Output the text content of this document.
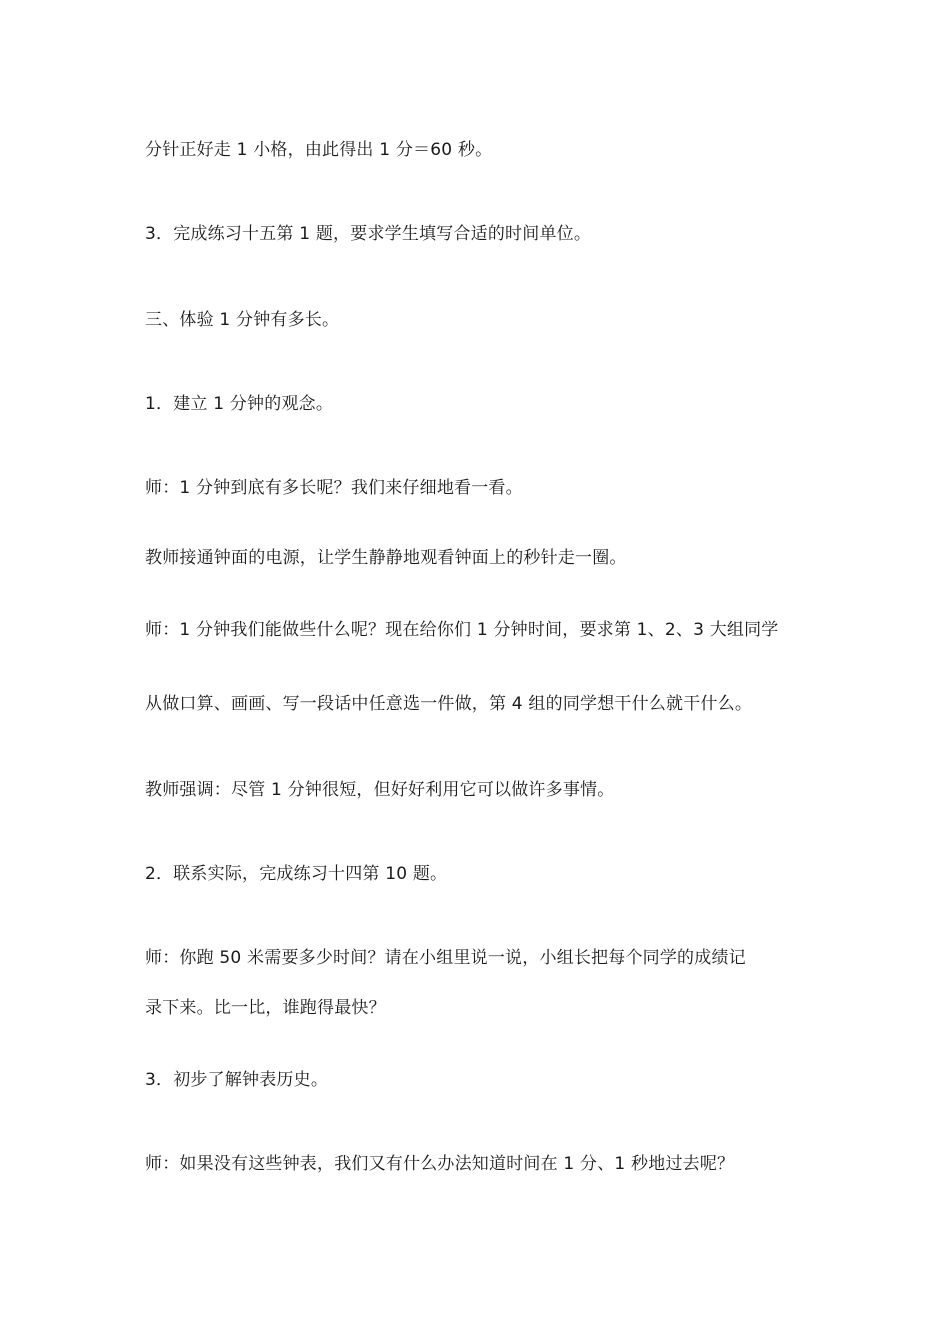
分针正好走 1 小格，由此得出 1 分＝60 秒。
3．完成练习十五第 1 题，要求学生填写合适的时间单位。
三、体验 1 分钟有多长。
1．建立 1 分钟的观念。
师：1 分钟到底有多长呢？我们来仔细地看一看。
教师接通钟面的电源，让学生静静地观看钟面上的秒针走一圈。
师：1 分钟我们能做些什么呢？现在给你们 1 分钟时间，要求第 1、2、3 大组同学
从做口算、画画、写一段话中任意选一件做，第 4 组的同学想干什么就干什么。
教师强调：尽管 1 分钟很短，但好好利用它可以做许多事情。
2．联系实际，完成练习十四第 10 题。
师：你跑 50 米需要多少时间？请在小组里说一说，小组长把每个同学的成绩记
录下来。比一比，谁跑得最快？
3．初步了解钟表历史。
师：如果没有这些钟表，我们又有什么办法知道时间在 1 分、1 秒地过去呢？
